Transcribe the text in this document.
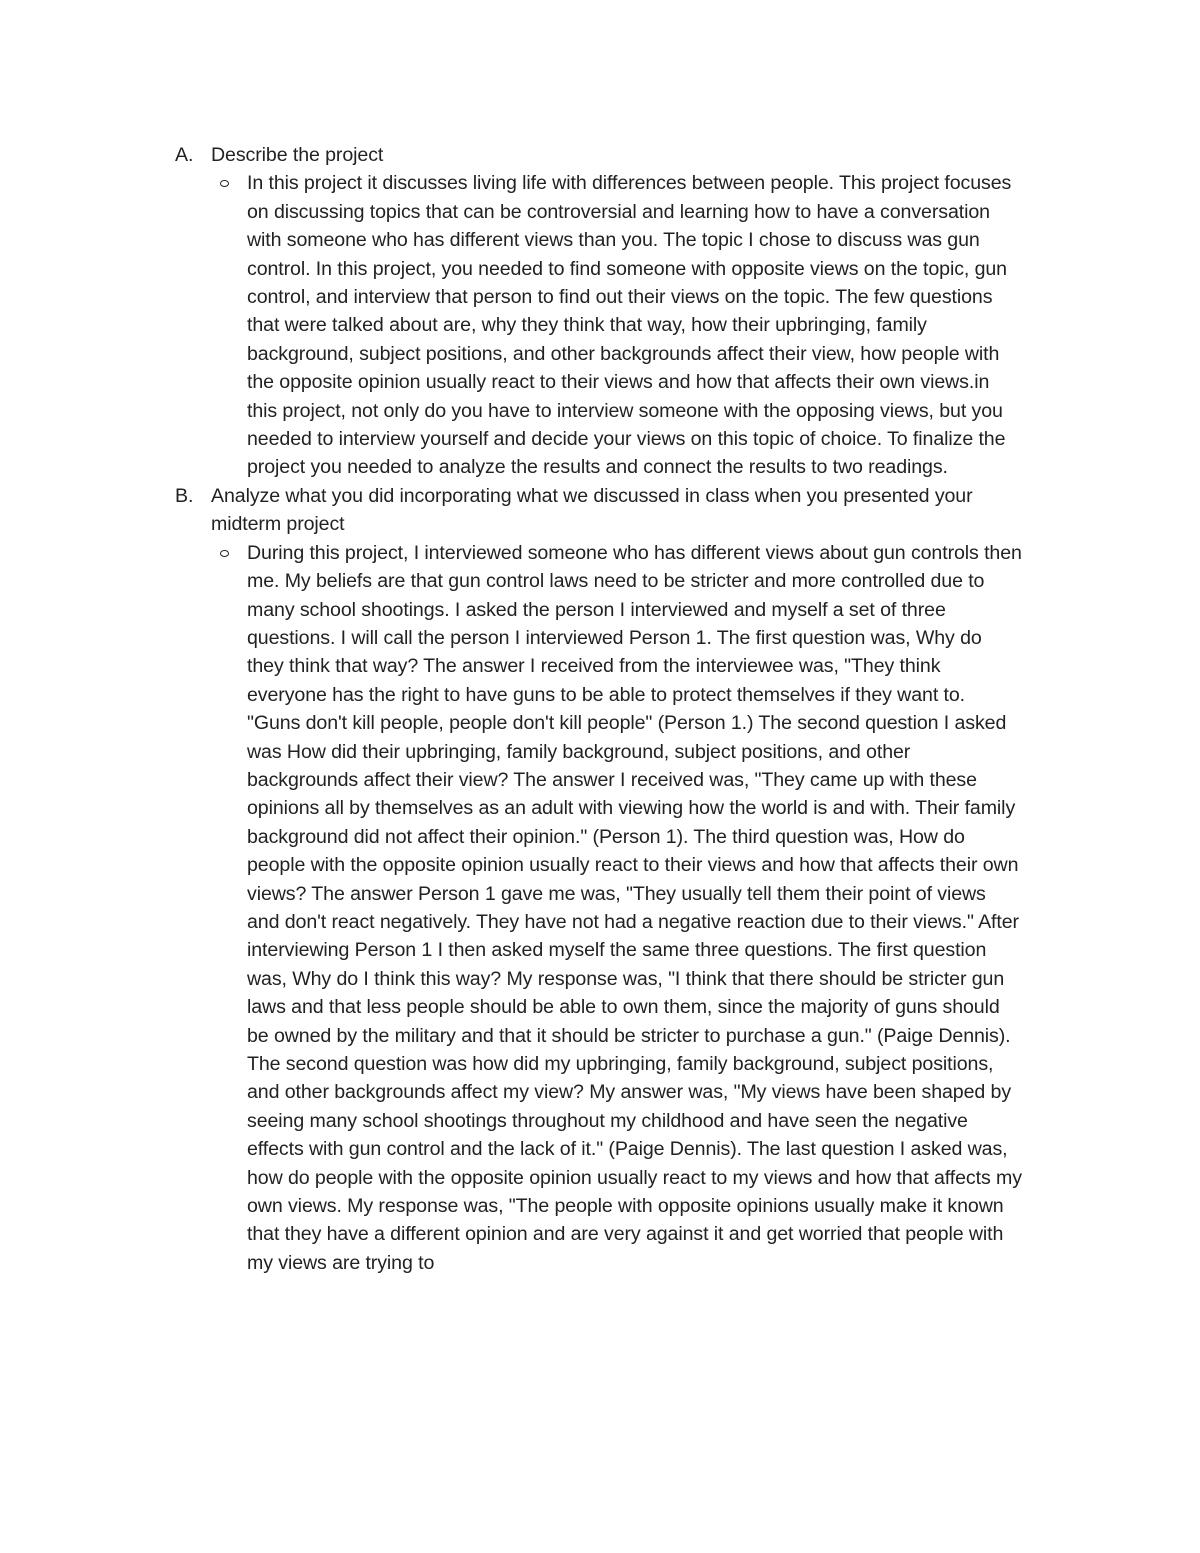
A. Describe the project
In this project it discusses living life with differences between people. This project focuses on discussing topics that can be controversial and learning how to have a conversation with someone who has different views than you. The topic I chose to discuss was gun control. In this project, you needed to find someone with opposite views on the topic, gun control, and interview that person to find out their views on the topic. The few questions that were talked about are, why they think that way, how their upbringing, family background, subject positions, and other backgrounds affect their view, how people with the opposite opinion usually react to their views and how that affects their own views.in this project, not only do you have to interview someone with the opposing views, but you needed to interview yourself and decide your views on this topic of choice. To finalize the project you needed to analyze the results and connect the results to two readings.
B. Analyze what you did incorporating what we discussed in class when you presented your midterm project
During this project, I interviewed someone who has different views about gun controls then me. My beliefs are that gun control laws need to be stricter and more controlled due to many school shootings. I asked the person I interviewed and myself a set of three questions. I will call the person I interviewed Person 1. The first question was, Why do they think that way? The answer I received from the interviewee was, "They think everyone has the right to have guns to be able to protect themselves if they want to. "Guns don't kill people, people don't kill people" (Person 1.) The second question I asked was How did their upbringing, family background, subject positions, and other backgrounds affect their view? The answer I received was, "They came up with these opinions all by themselves as an adult with viewing how the world is and with. Their family background did not affect their opinion." (Person 1). The third question was, How do people with the opposite opinion usually react to their views and how that affects their own views? The answer Person 1 gave me was, "They usually tell them their point of views and don't react negatively. They have not had a negative reaction due to their views." After interviewing Person 1 I then asked myself the same three questions. The first question was, Why do I think this way? My response was, "I think that there should be stricter gun laws and that less people should be able to own them, since the majority of guns should be owned by the military and that it should be stricter to purchase a gun." (Paige Dennis). The second question was how did my upbringing, family background, subject positions, and other backgrounds affect my view? My answer was, "My views have been shaped by seeing many school shootings throughout my childhood and have seen the negative effects with gun control and the lack of it." (Paige Dennis). The last question I asked was, how do people with the opposite opinion usually react to my views and how that affects my own views. My response was, "The people with opposite opinions usually make it known that they have a different opinion and are very against it and get worried that people with my views are trying to
